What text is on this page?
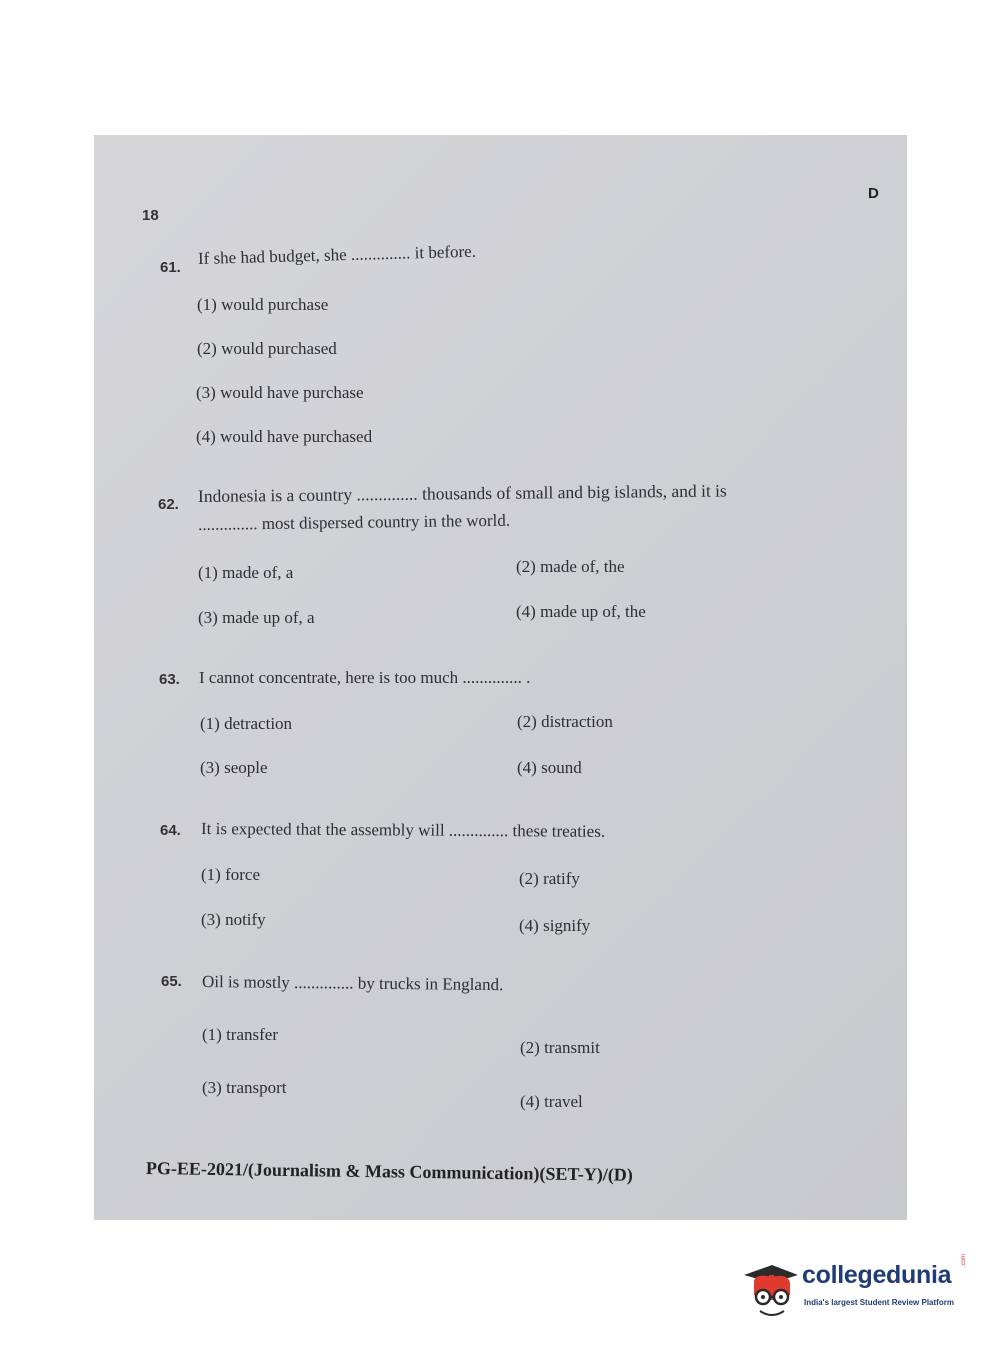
18
D
61. If she had budget, she .............. it before.
(1) would purchase
(2) would purchased
(3) would have purchase
(4) would have purchased
62. Indonesia is a country .............. thousands of small and big islands, and it is
.............. most dispersed country in the world.
(1) made of, a	(2) made of, the
(3) made up of, a	(4) made up of, the
63. I cannot concentrate, here is too much .............. .
(1) detraction	(2) distraction
(3) seople	(4) sound
64. It is expected that the assembly will .............. these treaties.
(1) force	(2) ratify
(3) notify	(4) signify
65. Oil is mostly .............. by trucks in England.
(1) transfer
(2) transmit
(3) transport
(4) travel
PG-EE-2021/(Journalism & Mass Communication)(SET-Y)/(D)
collegedunia
.com
India's largest Student Review Platform
